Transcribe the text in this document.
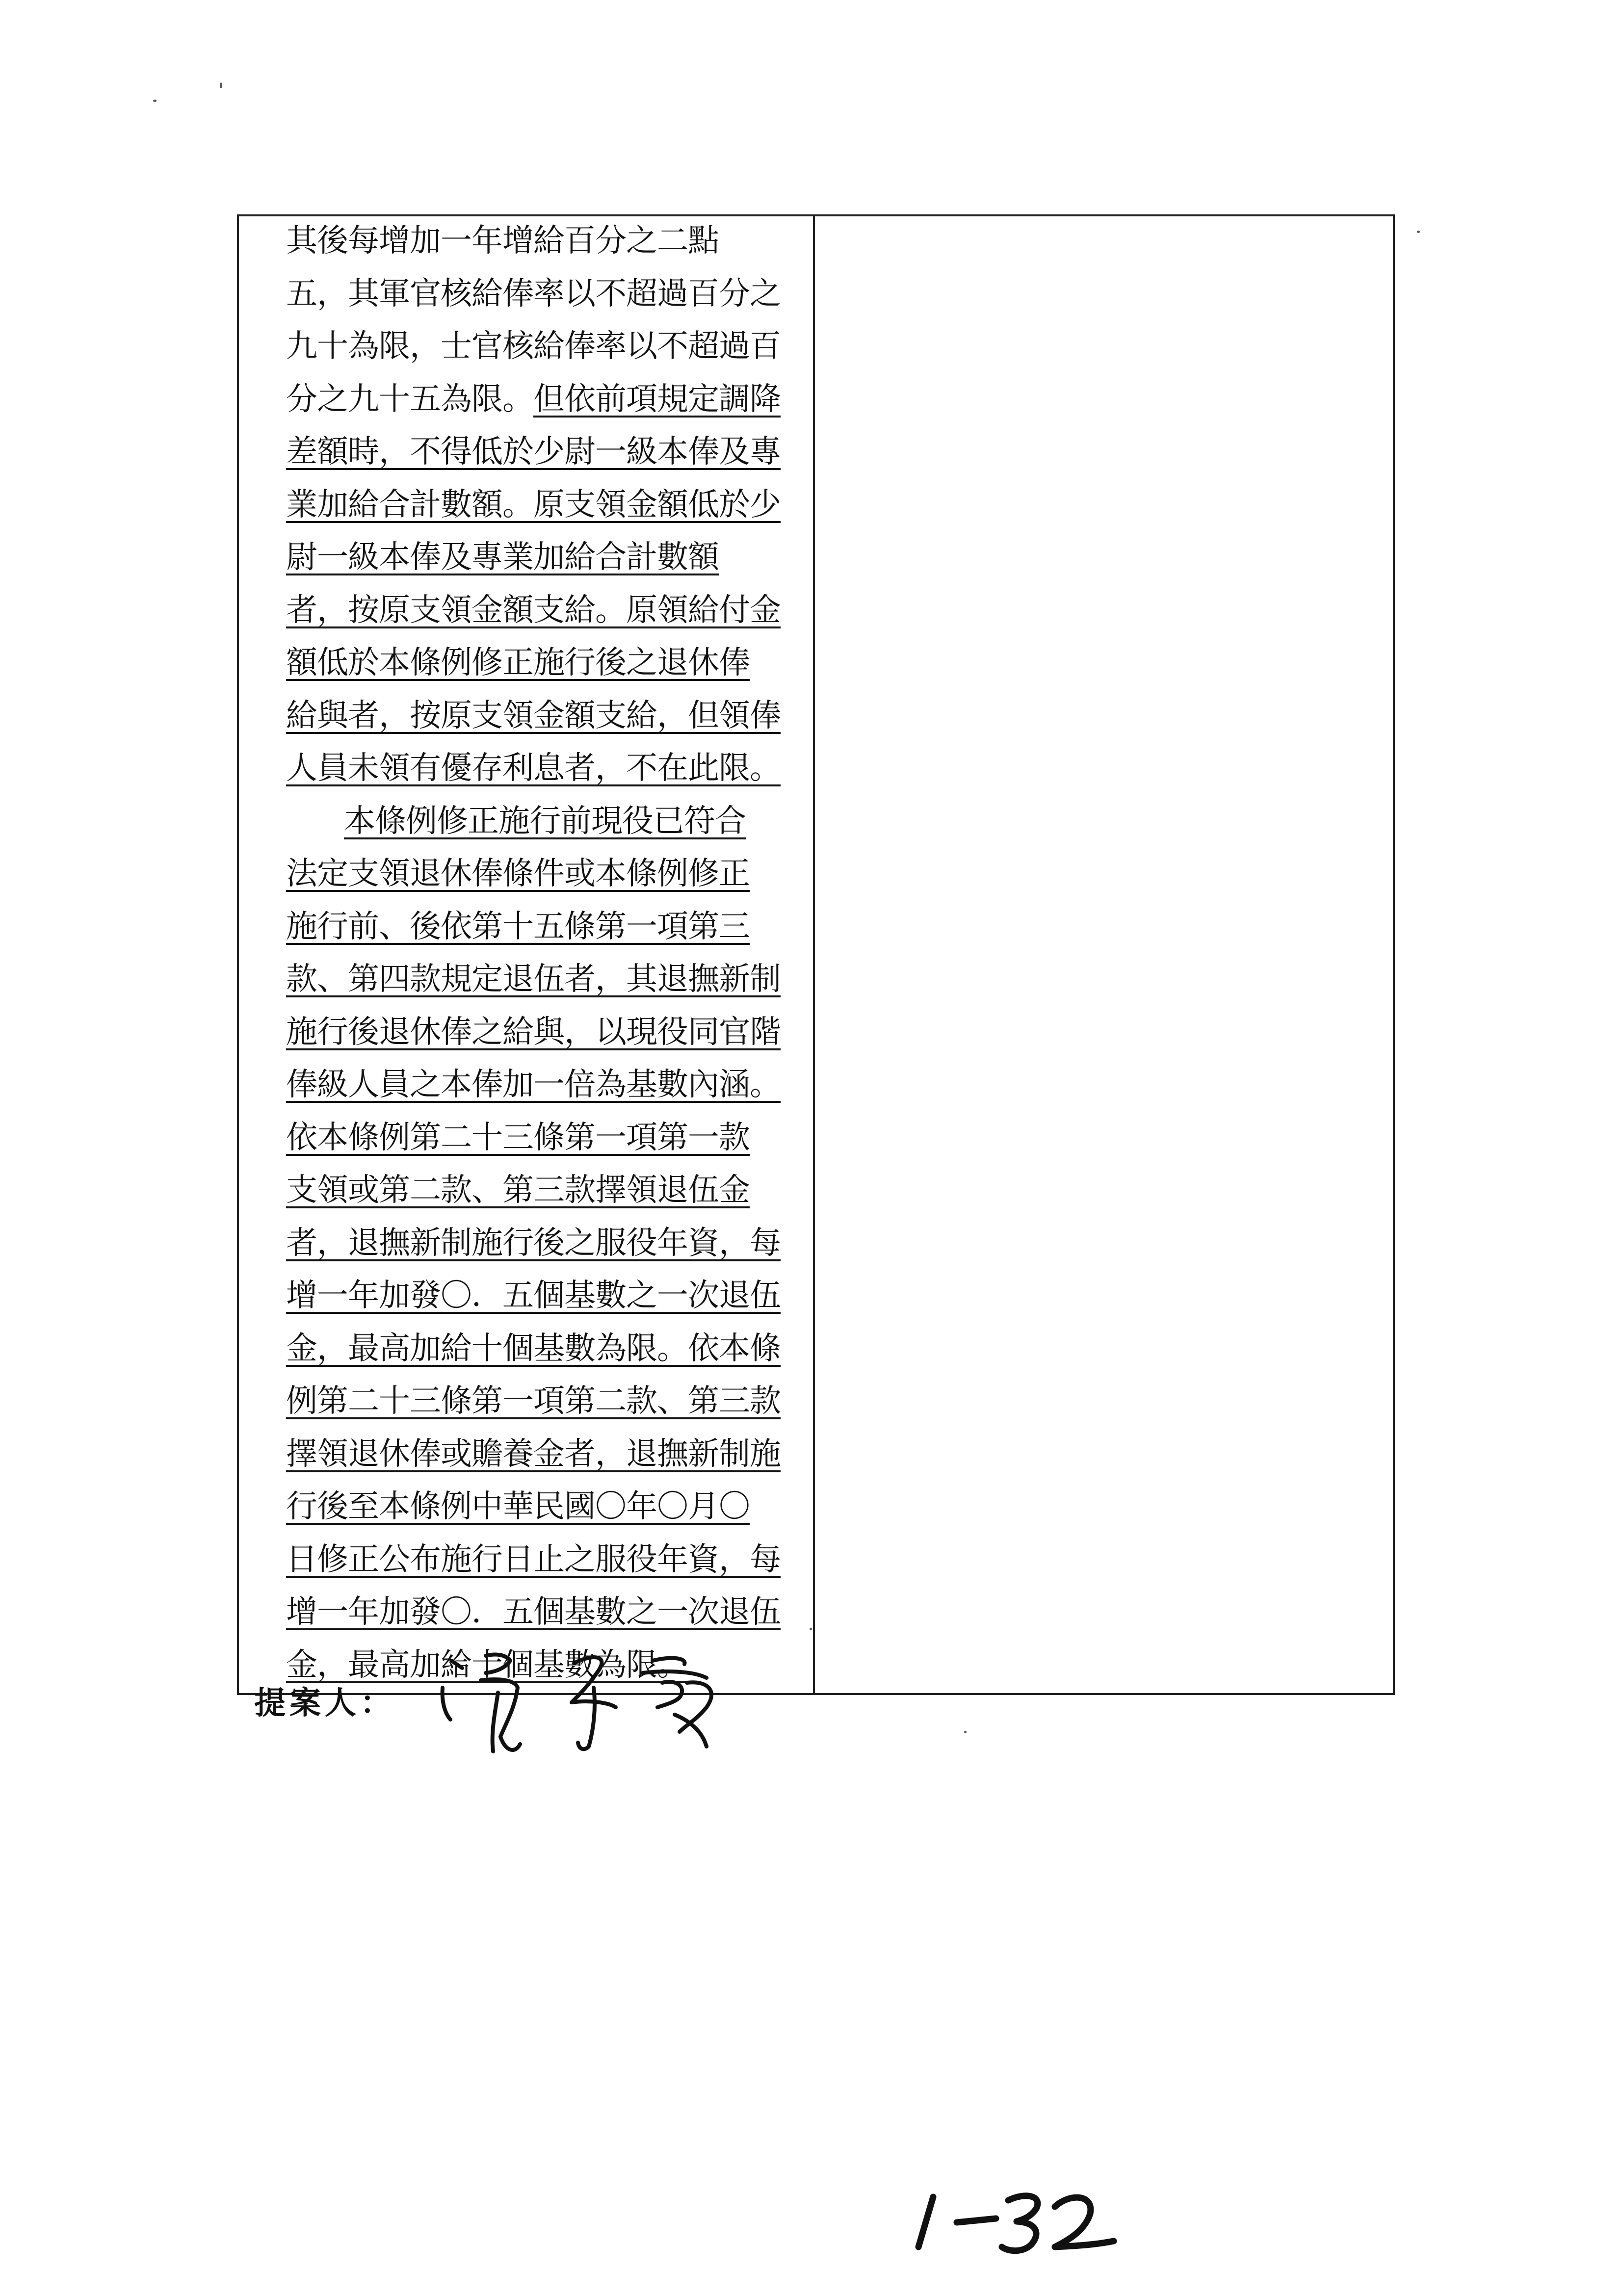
其後每增加一年增給百分之二點
五，其軍官核給俸率以不超過百分之
九十為限，士官核給俸率以不超過百
分之九十五為限。但依前項規定調降
差額時，不得低於少尉一級本俸及專
業加給合計數額。原支領金額低於少
尉一級本俸及專業加給合計數額
者，按原支領金額支給。原領給付金
額低於本條例修正施行後之退休俸
給與者，按原支領金額支給，但領俸
人員未領有優存利息者，不在此限。
本條例修正施行前現役已符合
法定支領退休俸條件或本條例修正
施行前、後依第十五條第一項第三
款、第四款規定退伍者，其退撫新制
施行後退休俸之給與，以現役同官階
俸級人員之本俸加一倍為基數內涵。
依本條例第二十三條第一項第一款
支領或第二款、第三款擇領退伍金
者，退撫新制施行後之服役年資，每
增一年加發〇．五個基數之一次退伍
金，最高加給十個基數為限。依本條
例第二十三條第一項第二款、第三款
擇領退休俸或贍養金者，退撫新制施
行後至本條例中華民國〇年〇月〇
日修正公布施行日止之服役年資，每
增一年加發〇．五個基數之一次退伍
金，最高加給十個基數為限。

提案人：
1-32
